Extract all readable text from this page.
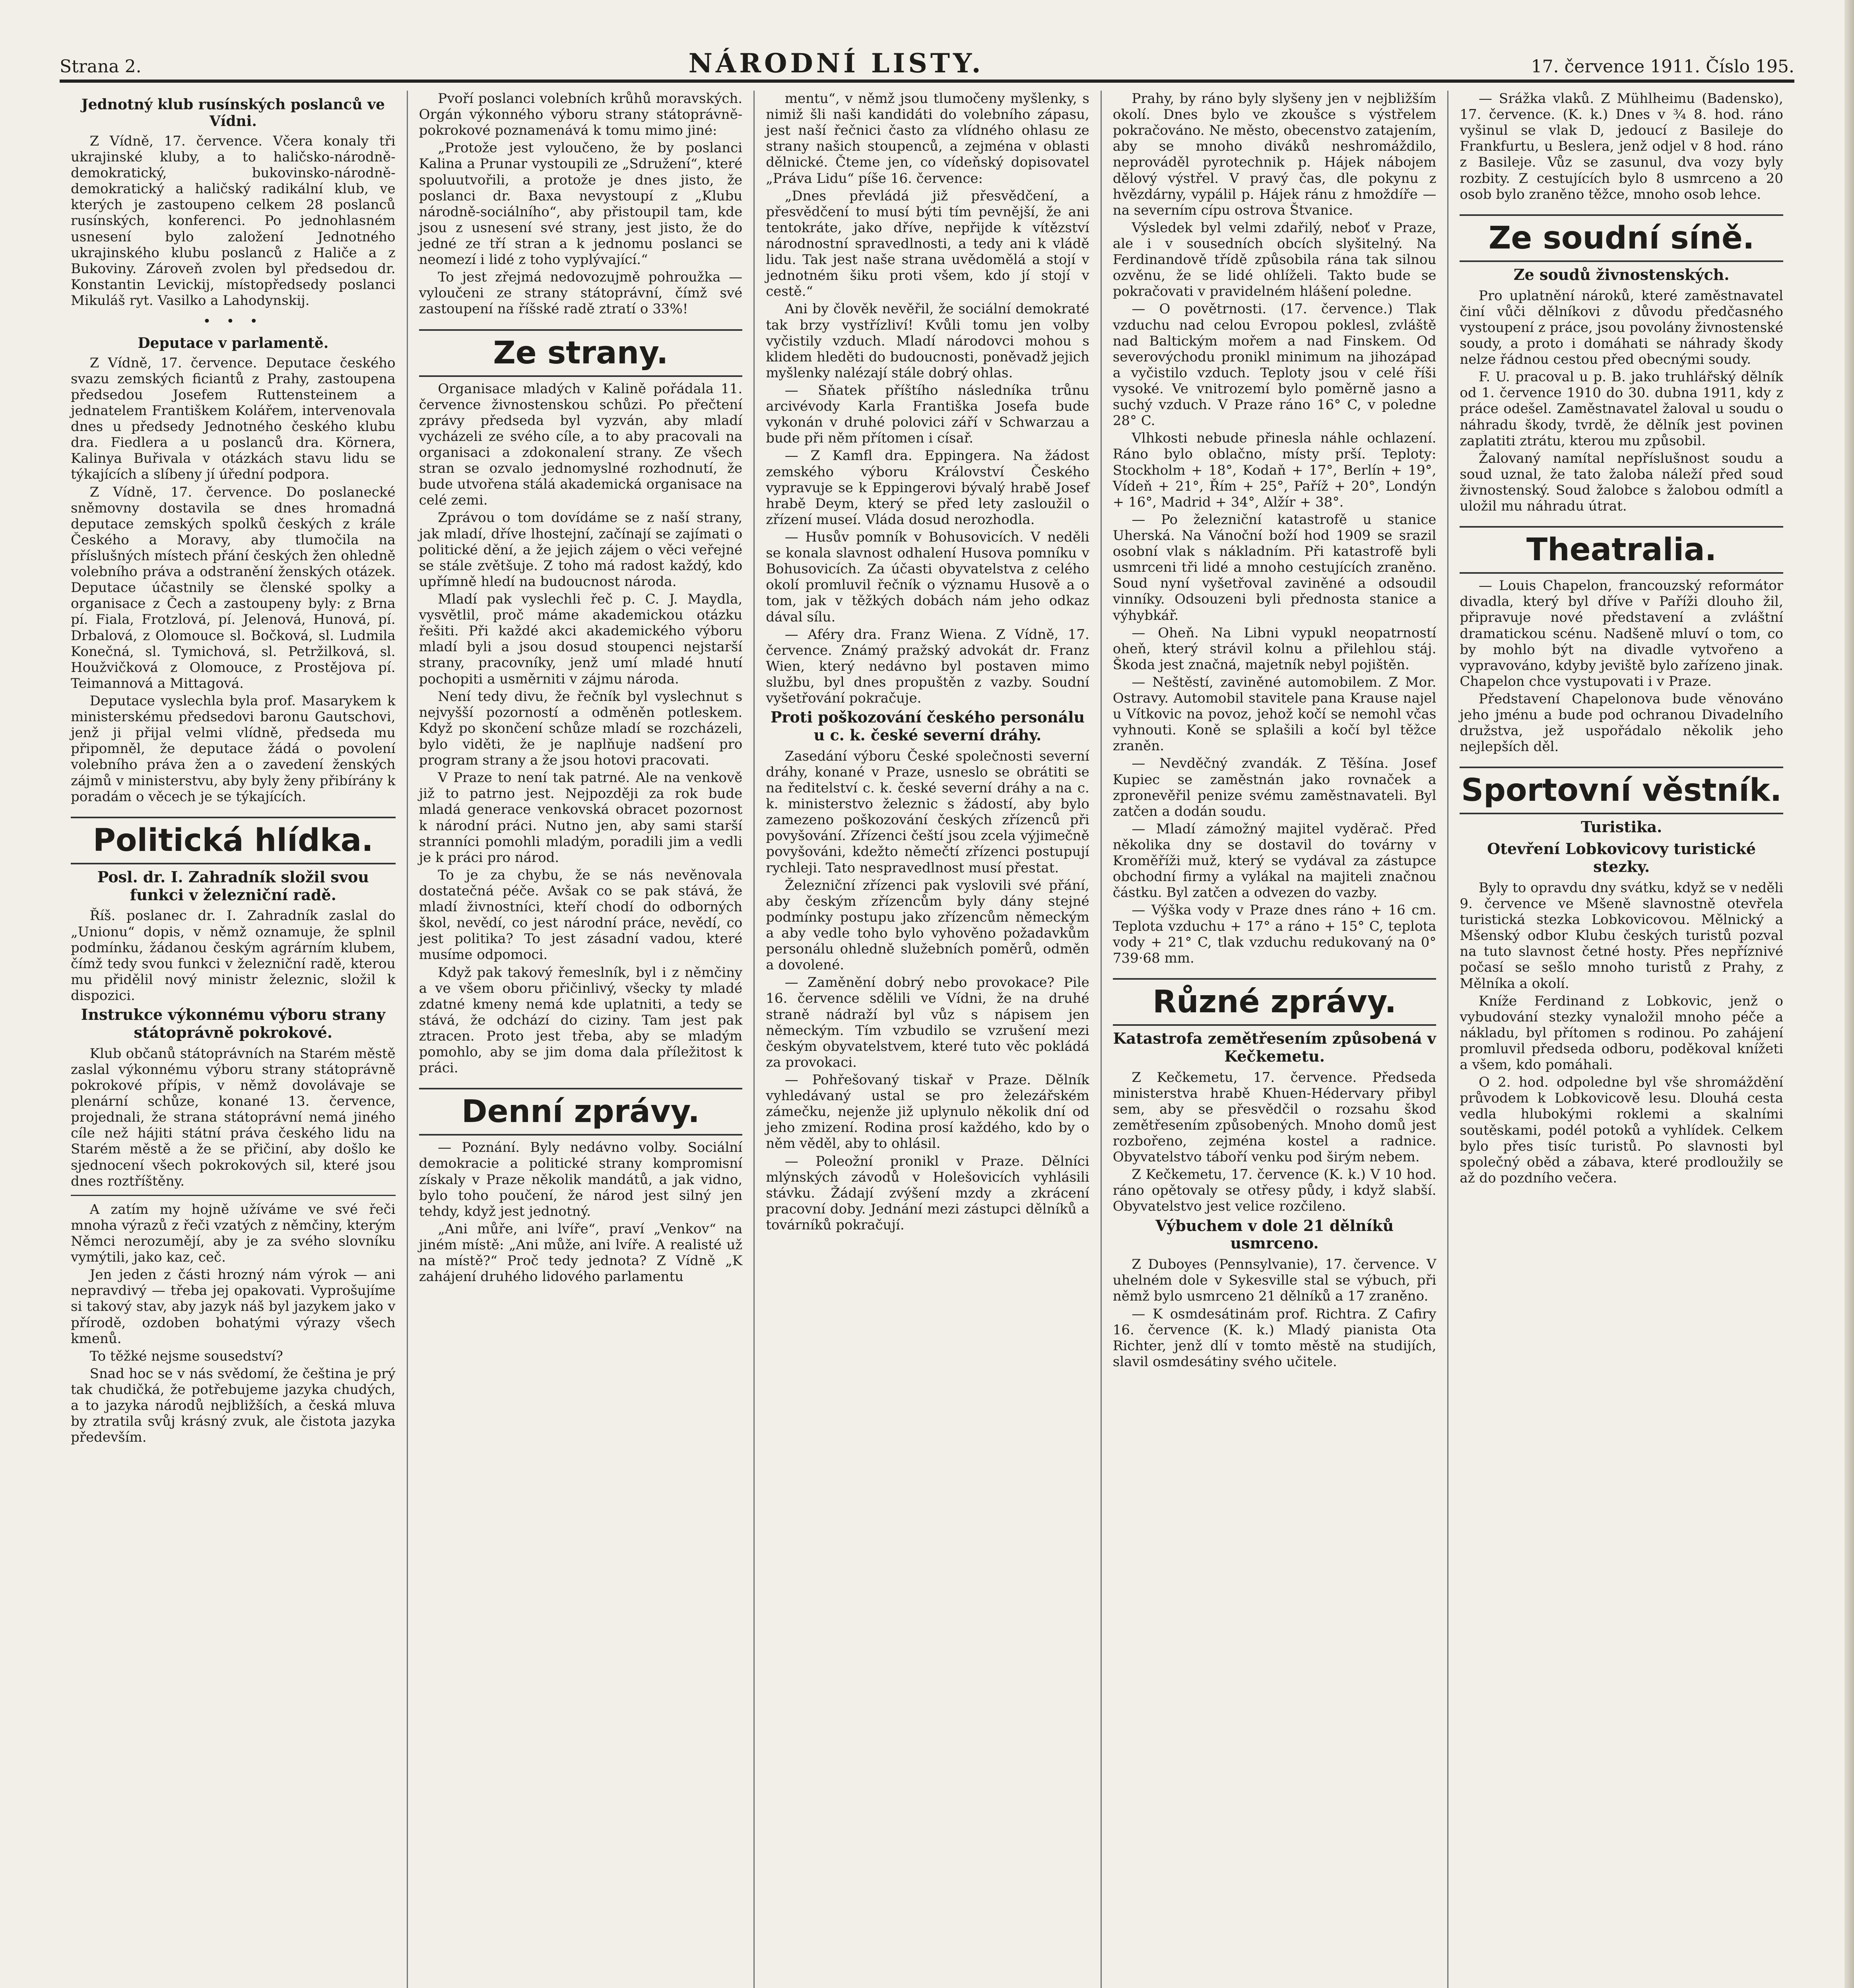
Strana 2.	NÁRODNÍ LISTY.	17. července 1911. Číslo 195.
Jednotný klub rusínských poslanců ve Vídni.

Z Vídně, 17. července. Včera konaly tři ukrajinské kluby, a to haličsko-národně-demokratický, bukovinsko-národně-demokratický a haličský radikální klub, ve kterých je zastoupeno celkem 28 poslanců rusínských, konferenci. Po jednohlasném usnesení bylo založení Jednotného ukrajinského klubu poslanců z Haliče a z Bukoviny. Zároveň zvolen byl předsedou dr. Konstantin Levickij, místopředsedy poslanci Mikuláš ryt. Vasilko a Lahodynskij.

• • •
Deputace v parlamentě.

Z Vídně, 17. července. Deputace českého svazu zemských ficiantů z Prahy, zastoupena předsedou Josefem Ruttensteinem a jednatelem Františkem Kolářem, intervenovala dnes u předsedy Jednotného českého klubu dra. Fiedlera a u poslanců dra. Körnera, Kalinya Buřivala v otázkách stavu lidu se týkajících a slíbeny jí úřední podpora.

Z Vídně, 17. července. Do poslanecké sněmovny dostavila se dnes hromadná deputace zemských spolků českých z krále Českého a Moravy, aby tlumočila na příslušných místech přání českých žen ohledně volebního práva a odstranění ženských otázek. Deputace účastnily se členské spolky a organisace z Čech a zastoupeny byly: z Brna pí. Fiala, Frotzlová, pí. Jelenová, Hunová, pí. Drbalová, z Olomouce sl. Bočková, sl. Ludmila Konečná, sl. Tymichová, sl. Petržilková, sl. Houžvičková z Olomouce, z Prostějova pí. Teimannová a Mittagová.

Deputace vyslechla byla prof. Masarykem k ministerskému předsedovi baronu Gautschovi, jenž ji přijal velmi vlídně, předseda mu připomněl, že deputace žádá o povolení volebního práva žen a o zavedení ženských zájmů v ministerstvu, aby byly ženy přibírány k poradám o věcech je se týkajících.

Politická hlídka.
Posl. dr. I. Zahradník složil svou funkci v železniční radě.

Říš. poslanec dr. I. Zahradník zaslal do „Unionu“ dopis, v němž oznamuje, že splnil podmínku, žádanou českým agrárním klubem, čímž tedy svou funkci v železniční radě, kterou mu přidělil nový ministr železnic, složil k dispozici.

Instrukce výkonnému výboru strany státoprávně pokrokové.

Klub občanů státoprávních na Starém městě zaslal výkonnému výboru strany státoprávně pokrokové přípis, v němž dovolávaje se plenární schůze, konané 13. července, projednali, že strana státoprávní nemá jiného cíle než hájiti státní práva českého lidu na Starém městě a že se přičiní, aby došlo ke sjednocení všech pokrokových sil, které jsou dnes roztříštěny.

A zatím my hojně užíváme ve své řeči mnoha výrazů z řeči vzatých z němčiny, kterým Němci nerozumějí, aby je za svého slovníku vymýtili, jako kaz, ceč.

Jen jeden z části hrozný nám výrok — ani nepravdivý — třeba jej opakovati. Vyprošujíme si takový stav, aby jazyk náš byl jazykem jako v přírodě, ozdoben bohatými výrazy všech kmenů.

To těžké nejsme sousedství?

Snad hoc se v nás svědomí, že čeština je prý tak chudičká, že potřebujeme jazyka chudých, a to jazyka národů nejbližších, a česká mluva by ztratila svůj krásný zvuk, ale čistota jazyka především.

Pvoří poslanci volebních krůhů moravských. Orgán výkonného výboru strany státoprávně-pokrokové poznamenává k tomu mimo jiné:

„Protože jest vyloučeno, že by poslanci Kalina a Prunar vystoupili ze „Sdružení“, které spoluutvořili, a protože je dnes jisto, že poslanci dr. Baxa nevystoupí z „Klubu národně-sociálního“, aby přistoupil tam, kde jsou z usnesení své strany, jest jisto, že do jedné ze tří stran a k jednomu poslanci se neomezí i lidé z toho vyplývající.“

To jest zřejmá nedovozujmě pohroužka — vyloučeni ze strany státoprávní, čímž své zastoupení na říšské radě ztratí o 33%!

Ze strany.

Organisace mladých v Kalině pořádala 11. července živnostenskou schůzi. Po přečtení zprávy předseda byl vyzván, aby mladí vycházeli ze svého cíle, a to aby pracovali na organisaci a zdokonalení strany. Ze všech stran se ozvalo jednomyslné rozhodnutí, že bude utvořena stálá akademická organisace na celé zemi.

Zprávou o tom dovídáme se z naší strany, jak mladí, dříve lhostejní, začínají se zajímati o politické dění, a že jejich zájem o věci veřejné se stále zvětšuje. Z toho má radost každý, kdo upřímně hledí na budoucnost národa.

Mladí pak vyslechli řeč p. C. J. Maydla, vysvětlil, proč máme akademickou otázku řešiti. Při každé akci akademického výboru mladí byli a jsou dosud stoupenci nejstarší strany, pracovníky, jenž umí mladé hnutí pochopiti a usměrniti v zájmu národa.

Není tedy divu, že řečník byl vyslechnut s nejvyšší pozorností a odměněn potleskem. Když po skončení schůze mladí se rozcházeli, bylo viděti, že je naplňuje nadšení pro program strany a že jsou hotovi pracovati.

V Praze to není tak patrné. Ale na venkově již to patrno jest. Nejpozději za rok bude mladá generace venkovská obracet pozornost k národní práci. Nutno jen, aby sami starší stranníci pomohli mladým, poradili jim a vedli je k práci pro národ.

To je za chybu, že se nás nevěnovala dostatečná péče. Avšak co se pak stává, že mladí živnostníci, kteří chodí do odborných škol, nevědí, co jest národní práce, nevědí, co jest politika? To jest zásadní vadou, které musíme odpomoci.

Když pak takový řemeslník, byl i z němčiny a ve všem oboru přičinlivý, všecky ty mladé zdatné kmeny nemá kde uplatniti, a tedy se stává, že odchází do ciziny. Tam jest pak ztracen. Proto jest třeba, aby se mladým pomohlo, aby se jim doma dala příležitost k práci.

Denní zprávy.

— Poznání. Byly nedávno volby. Sociální demokracie a politické strany kompromisní získaly v Praze několik mandátů, a jak vidno, bylo toho poučení, že národ jest silný jen tehdy, když jest jednotný.

„Ani můře, ani lvíře“, praví „Venkov“ na jiném místě: „Ani může, ani lvíře. A realisté už na místě?“ Proč tedy jednota? Z Vídně „K zahájení druhého lidového parlamentu

mentu“, v němž jsou tlumočeny myšlenky, s nimiž šli naši kandidáti do volebního zápasu, jest naší řečnici často za vlídného ohlasu ze strany našich stoupenců, a zejména v oblasti dělnické. Čteme jen, co vídeňský dopisovatel „Práva Lidu“ píše 16. července:

„Dnes převládá již přesvědčení, a přesvědčení to musí býti tím pevnější, že ani tentokráte, jako dříve, nepřijde k vítězství národnostní spravedlnosti, a tedy ani k vládě lidu. Tak jest naše strana uvědomělá a stojí v jednotném šiku proti všem, kdo jí stojí v cestě.“

Ani by člověk nevěřil, že sociální demokraté tak brzy vystřízliví! Kvůli tomu jen volby vyčistily vzduch. Mladí národovci mohou s klidem hleděti do budoucnosti, poněvadž jejich myšlenky nalézají stále dobrý ohlas.

— Sňatek příštího následníka trůnu arcivévody Karla Františka Josefa bude vykonán v druhé polovici září v Schwarzau a bude při něm přítomen i císař.

— Z Kamfl dra. Eppingera. Na žádost zemského výboru Království Českého vypravuje se k Eppingerovi bývalý hrabě Josef hrabě Deym, který se před lety zasloužil o zřízení museí. Vláda dosud nerozhodla.

— Husův pomník v Bohusovicích. V neděli se konala slavnost odhalení Husova pomníku v Bohusovicích. Za účasti obyvatelstva z celého okolí promluvil řečník o významu Husově a o tom, jak v těžkých dobách nám jeho odkaz dával sílu.

— Aféry dra. Franz Wiena. Z Vídně, 17. července. Známý pražský advokát dr. Franz Wien, který nedávno byl postaven mimo službu, byl dnes propuštěn z vazby. Soudní vyšetřování pokračuje.

Proti poškozování českého personálu u c. k. české severní dráhy.

Zasedání výboru České společnosti severní dráhy, konané v Praze, usneslo se obrátiti se na ředitelství c. k. české severní dráhy a na c. k. ministerstvo železnic s žádostí, aby bylo zamezeno poškozování českých zřízenců při povyšování. Zřízenci čeští jsou zcela výjimečně povyšováni, kdežto němečtí zřízenci postupují rychleji. Tato nespravedlnost musí přestat.

Železniční zřízenci pak vyslovili své přání, aby českým zřízencům byly dány stejné podmínky postupu jako zřízencům německým a aby vedle toho bylo vyhověno požadavkům personálu ohledně služebních poměrů, odměn a dovolené.

— Zaměnění dobrý nebo provokace? Pile 16. července sdělili ve Vídni, že na druhé straně nádraží byl vůz s nápisem jen německým. Tím vzbudilo se vzrušení mezi českým obyvatelstvem, které tuto věc pokládá za provokaci.

— Pohřešovaný tiskař v Praze. Dělník vyhledávaný ustal se pro železářském zámečku, nejenže již uplynulo několik dní od jeho zmizení. Rodina prosí každého, kdo by o něm věděl, aby to ohlásil.

— Poleožní pronikl v Praze. Dělníci mlýnských závodů v Holešovicích vyhlásili stávku. Žádají zvýšení mzdy a zkrácení pracovní doby. Jednání mezi zástupci dělníků a továrníků pokračují.

Prahy, by ráno byly slyšeny jen v nejbližším okolí. Dnes bylo ve zkoušce s výstřelem pokračováno. Ne město, obecenstvo zatajením, aby se mnoho diváků neshromáždilo, neprováděl pyrotechnik p. Hájek nábojem dělový výstřel. V pravý čas, dle pokynu z hvězdárny, vypálil p. Hájek ránu z hmoždíře — na severním cípu ostrova Štvanice.

Výsledek byl velmi zdařilý, neboť v Praze, ale i v sousedních obcích slyšitelný. Na Ferdinandově třídě způsobila rána tak silnou ozvěnu, že se lidé ohlíželi. Takto bude se pokračovati v pravidelném hlášení poledne.

— O povětrnosti. (17. července.) Tlak vzduchu nad celou Evropou poklesl, zvláště nad Baltickým mořem a nad Finskem. Od severovýchodu pronikl minimum na jihozápad a vyčistilo vzduch. Teploty jsou v celé říši vysoké. Ve vnitrozemí bylo poměrně jasno a suchý vzduch. V Praze ráno 16° C, v poledne 28° C.

Vlhkosti nebude přinesla náhle ochlazení. Ráno bylo oblačno, místy prší. Teploty: Stockholm + 18°, Kodaň + 17°, Berlín + 19°, Vídeň + 21°, Řím + 25°, Paříž + 20°, Londýn + 16°, Madrid + 34°, Alžír + 38°.

— Po železniční katastrofě u stanice Uherská. Na Vánoční boží hod 1909 se srazil osobní vlak s nákladním. Při katastrofě byli usmrceni tři lidé a mnoho cestujících zraněno. Soud nyní vyšetřoval zaviněné a odsoudil vinníky. Odsouzeni byli přednosta stanice a výhybkář.

— Oheň. Na Libni vypukl neopatrností oheň, který strávil kolnu a přilehlou stáj. Škoda jest značná, majetník nebyl pojištěn.

— Neštěstí, zaviněné automobilem. Z Mor. Ostravy. Automobil stavitele pana Krause najel u Vítkovic na povoz, jehož kočí se nemohl včas vyhnouti. Koně se splašili a kočí byl těžce zraněn.

— Nevděčný zvandák. Z Těšína. Josef Kupiec se zaměstnán jako rovnaček a zpronevěřil penize svému zaměstnavateli. Byl zatčen a dodán soudu.

— Mladí zámožný majitel vyděrač. Před několika dny se dostavil do továrny v Kroměříži muž, který se vydával za zástupce obchodní firmy a vylákal na majiteli značnou částku. Byl zatčen a odvezen do vazby.

— Výška vody v Praze dnes ráno + 16 cm. Teplota vzduchu + 17° a ráno + 15° C, teplota vody + 21° C, tlak vzduchu redukovaný na 0° 739·68 mm.

Různé zprávy.
Katastrofa zemětřesením způsobená v Kečkemetu.

Z Kečkemetu, 17. července. Předseda ministerstva hrabě Khuen-Hédervary přibyl sem, aby se přesvědčil o rozsahu škod zemětřesením způsobených. Mnoho domů jest rozbořeno, zejména kostel a radnice. Obyvatelstvo táboří venku pod širým nebem.

Z Kečkemetu, 17. července (K. k.) V 10 hod. ráno opětovaly se otřesy půdy, i když slabší. Obyvatelstvo jest velice rozčileno.

Výbuchem v dole 21 dělníků usmrceno.

Z Duboyes (Pennsylvanie), 17. července. V uhelném dole v Sykesville stal se výbuch, při němž bylo usmrceno 21 dělníků a 17 zraněno.

— K osmdesátinám prof. Richtra. Z Cafiry 16. července (K. k.) Mladý pianista Ota Richter, jenž dlí v tomto městě na studijích, slavil osmdesátiny svého učitele.

— Srážka vlaků. Z Mühlheimu (Badensko), 17. července. (K. k.) Dnes v ¾ 8. hod. ráno vyšinul se vlak D, jedoucí z Basileje do Frankfurtu, u Beslera, jenž odjel v 8 hod. ráno z Basileje. Vůz se zasunul, dva vozy byly rozbity. Z cestujících bylo 8 usmrceno a 20 osob bylo zraněno těžce, mnoho osob lehce.

Ze soudní síně.
Ze soudů živnostenských.

Pro uplatnění nároků, které zaměstnavatel činí vůči dělníkovi z důvodu předčasného vystoupení z práce, jsou povolány živnostenské soudy, a proto i domáhati se náhrady škody nelze řádnou cestou před obecnými soudy.

F. U. pracoval u p. B. jako truhlářský dělník od 1. července 1910 do 30. dubna 1911, kdy z práce odešel. Zaměstnavatel žaloval u soudu o náhradu škody, tvrdě, že dělník jest povinen zaplatiti ztrátu, kterou mu způsobil.

Žalovaný namítal nepříslušnost soudu a soud uznal, že tato žaloba náleží před soud živnostenský. Soud žalobce s žalobou odmítl a uložil mu náhradu útrat.

Theatralia.

— Louis Chapelon, francouzský reformátor divadla, který byl dříve v Paříži dlouho žil, připravuje nové představení a zvláštní dramatickou scénu. Nadšeně mluví o tom, co by mohlo být na divadle vytvořeno a vypravováno, kdyby jeviště bylo zařízeno jinak. Chapelon chce vystupovati i v Praze.

Představení Chapelonova bude věnováno jeho jménu a bude pod ochranou Divadelního družstva, jež uspořádalo několik jeho nejlepších děl.

Sportovní věstník.
Turistika.
Otevření Lobkovicovy turistické stezky.

Byly to opravdu dny svátku, když se v neděli 9. července ve Mšeně slavnostně otevřela turistická stezka Lobkovicovou. Mělnický a Mšenský odbor Klubu českých turistů pozval na tuto slavnost četné hosty. Přes nepříznivé počasí se sešlo mnoho turistů z Prahy, z Mělníka a okolí.

Kníže Ferdinand z Lobkovic, jenž o vybudování stezky vynaložil mnoho péče a nákladu, byl přítomen s rodinou. Po zahájení promluvil předseda odboru, poděkoval knížeti a všem, kdo pomáhali.

O 2. hod. odpoledne byl vše shromáždění průvodem k Lobkovicově lesu. Dlouhá cesta vedla hlubokými roklemi a skalními soutěskami, podél potoků a vyhlídek. Celkem bylo přes tisíc turistů. Po slavnosti byl společný oběd a zábava, které prodloužily se až do pozdního večera.
